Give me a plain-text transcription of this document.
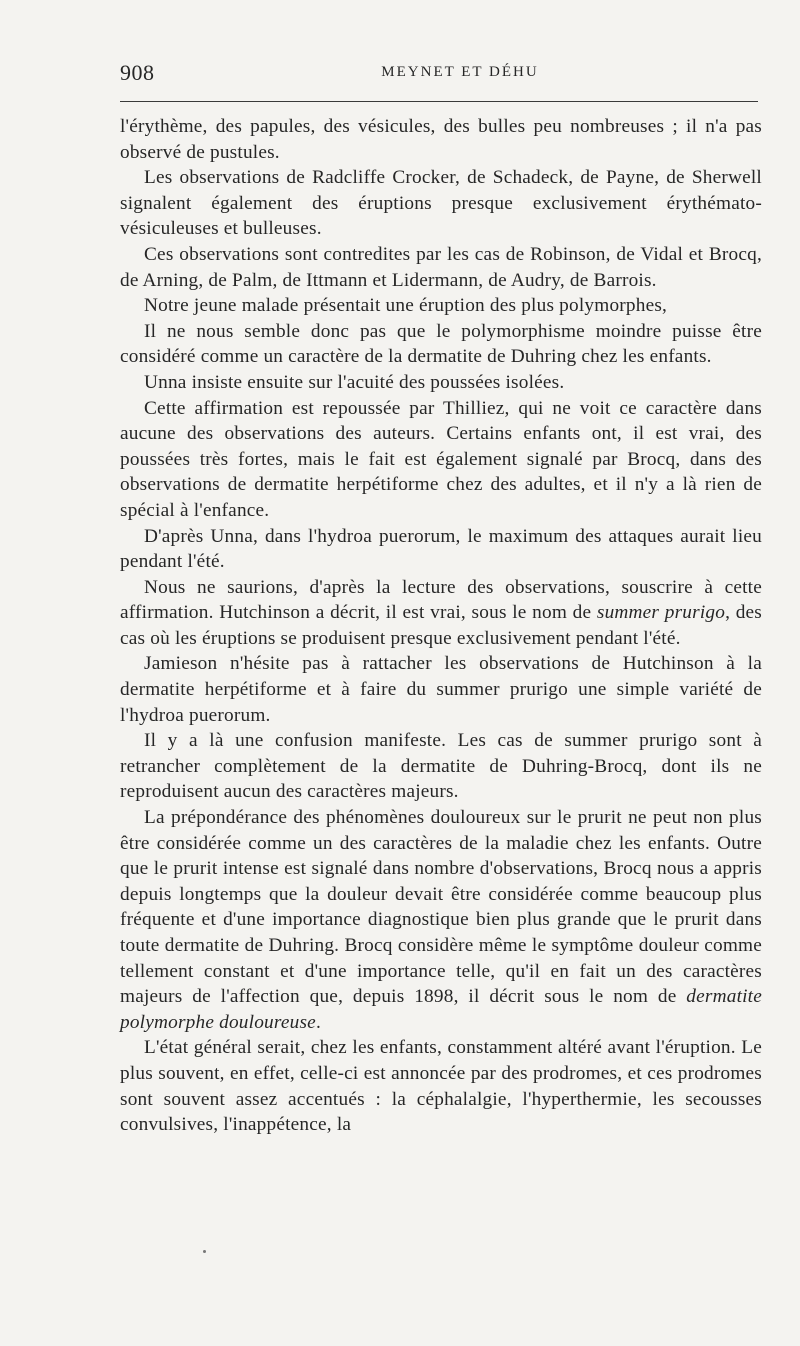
908	MEYNET ET DÉHU

l'érythème, des papules, des vésicules, des bulles peu nombreuses ; il n'a pas observé de pustules.

Les observations de Radcliffe Crocker, de Schadeck, de Payne, de Sherwell signalent également des éruptions presque exclusivement érythémato-vésiculeuses et bulleuses.

Ces observations sont contredites par les cas de Robinson, de Vidal et Brocq, de Arning, de Palm, de Ittmann et Lidermann, de Audry, de Barrois.

Notre jeune malade présentait une éruption des plus polymorphes,

Il ne nous semble donc pas que le polymorphisme moindre puisse être considéré comme un caractère de la dermatite de Duhring chez les enfants.

Unna insiste ensuite sur l'acuité des poussées isolées.

Cette affirmation est repoussée par Thilliez, qui ne voit ce caractère dans aucune des observations des auteurs. Certains enfants ont, il est vrai, des poussées très fortes, mais le fait est également signalé par Brocq, dans des observations de dermatite herpétiforme chez des adultes, et il n'y a là rien de spécial à l'enfance.

D'après Unna, dans l'hydroa puerorum, le maximum des attaques aurait lieu pendant l'été.

Nous ne saurions, d'après la lecture des observations, souscrire à cette affirmation. Hutchinson a décrit, il est vrai, sous le nom de summer prurigo, des cas où les éruptions se produisent presque exclusivement pendant l'été.

Jamieson n'hésite pas à rattacher les observations de Hutchinson à la dermatite herpétiforme et à faire du summer prurigo une simple variété de l'hydroa puerorum.

Il y a là une confusion manifeste. Les cas de summer prurigo sont à retrancher complètement de la dermatite de Duhring-Brocq, dont ils ne reproduisent aucun des caractères majeurs.

La prépondérance des phénomènes douloureux sur le prurit ne peut non plus être considérée comme un des caractères de la maladie chez les enfants. Outre que le prurit intense est signalé dans nombre d'observations, Brocq nous a appris depuis longtemps que la douleur devait être considérée comme beaucoup plus fréquente et d'une importance diagnostique bien plus grande que le prurit dans toute dermatite de Duhring. Brocq considère même le symptôme douleur comme tellement constant et d'une importance telle, qu'il en fait un des caractères majeurs de l'affection que, depuis 1898, il décrit sous le nom de dermatite polymorphe douloureuse.

L'état général serait, chez les enfants, constamment altéré avant l'éruption. Le plus souvent, en effet, celle-ci est annoncée par des prodromes, et ces prodromes sont souvent assez accentués : la céphalalgie, l'hyperthermie, les secousses convulsives, l'inappétence, la
